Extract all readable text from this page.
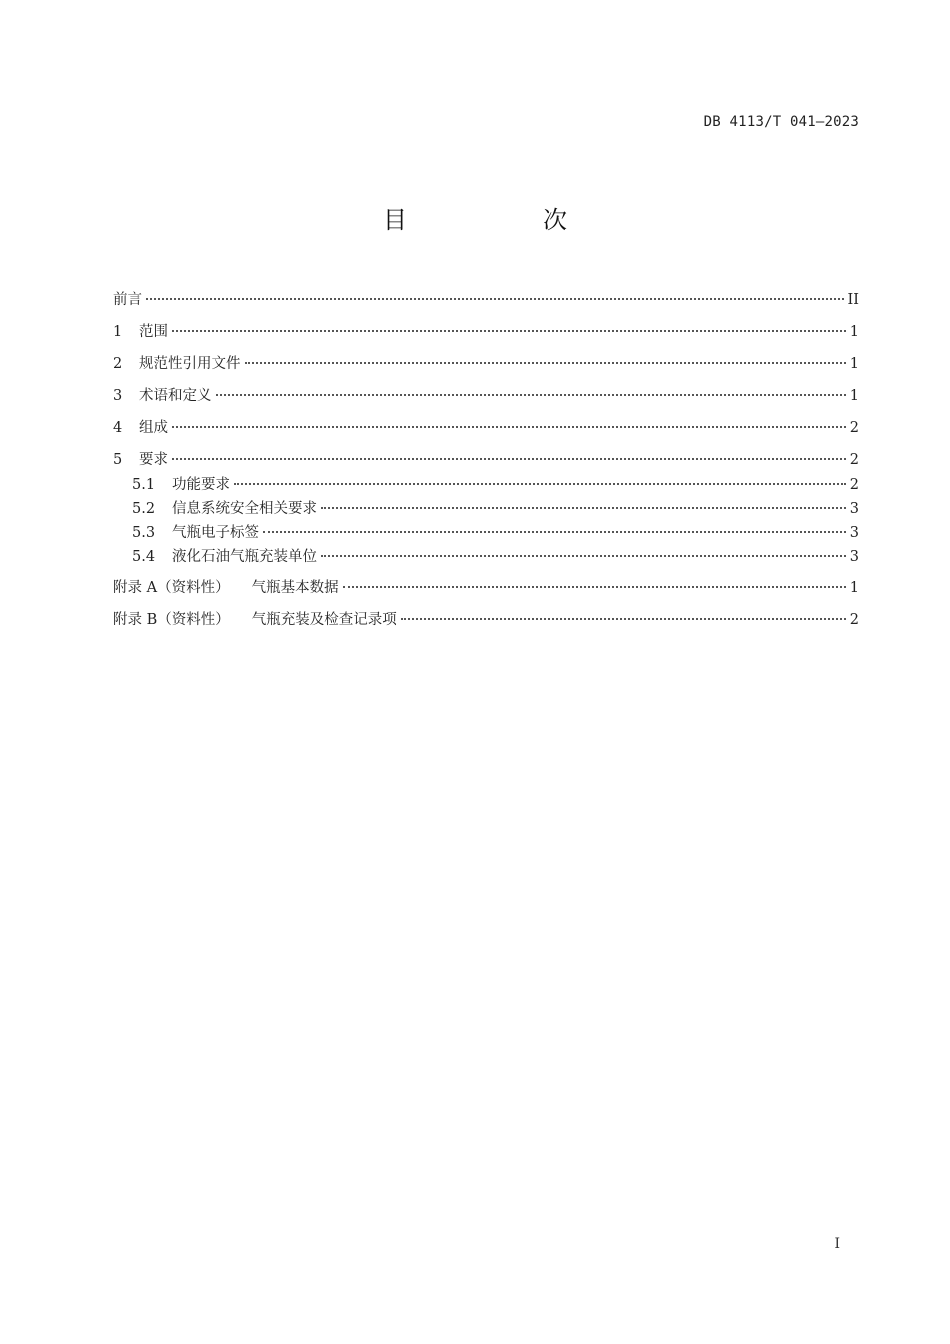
DB 4113/T 041—2023
目　次
前言	II
1	范围	1
2	规范性引用文件	1
3	术语和定义	1
4	组成	2
5	要求	2
5.1	功能要求	2
5.2	信息系统安全相关要求	3
5.3	气瓶电子标签	3
5.4	液化石油气瓶充装单位	3
附录 A（资料性） 气瓶基本数据	1
附录 B（资料性） 气瓶充装及检查记录项	2
I
